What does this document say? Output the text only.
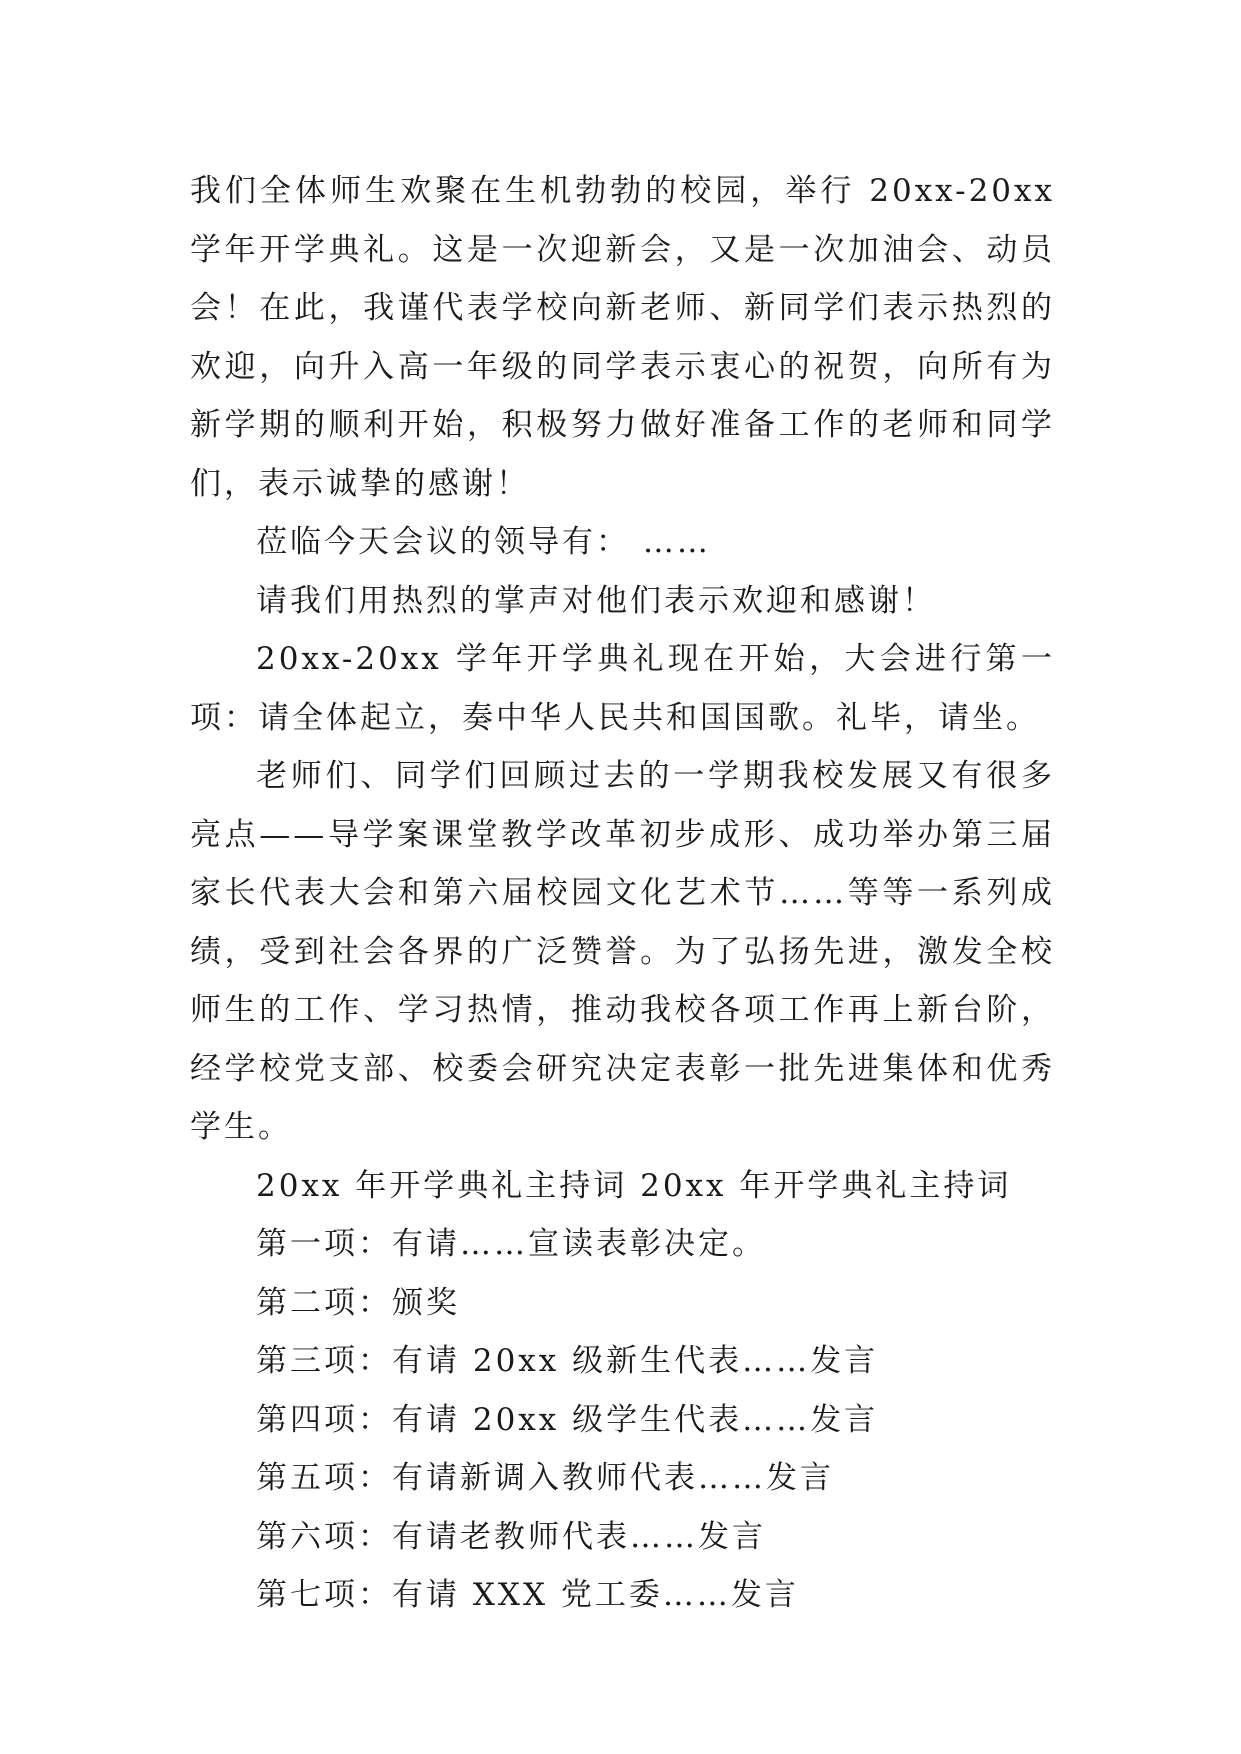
我们全体师生欢聚在生机勃勃的校园，举行 20xx-20xx 学年开学典礼。这是一次迎新会，又是一次加油会、动员会！在此，我谨代表学校向新老师、新同学们表示热烈的欢迎，向升入高一年级的同学表示衷心的祝贺，向所有为新学期的顺利开始，积极努力做好准备工作的老师和同学们，表示诚挚的感谢！

莅临今天会议的领导有： ……

请我们用热烈的掌声对他们表示欢迎和感谢！

20xx-20xx 学年开学典礼现在开始，大会进行第一项：请全体起立，奏中华人民共和国国歌。礼毕，请坐。

老师们、同学们回顾过去的一学期我校发展又有很多亮点——导学案课堂教学改革初步成形、成功举办第三届家长代表大会和第六届校园文化艺术节……等等一系列成绩，受到社会各界的广泛赞誉。为了弘扬先进，激发全校师生的工作、学习热情，推动我校各项工作再上新台阶，经学校党支部、校委会研究决定表彰一批先进集体和优秀学生。

20xx 年开学典礼主持词 20xx 年开学典礼主持词

第一项：有请……宣读表彰决定。

第二项：颁奖

第三项：有请 20xx 级新生代表……发言

第四项：有请 20xx 级学生代表……发言

第五项：有请新调入教师代表……发言

第六项：有请老教师代表……发言

第七项：有请 XXX 党工委……发言
